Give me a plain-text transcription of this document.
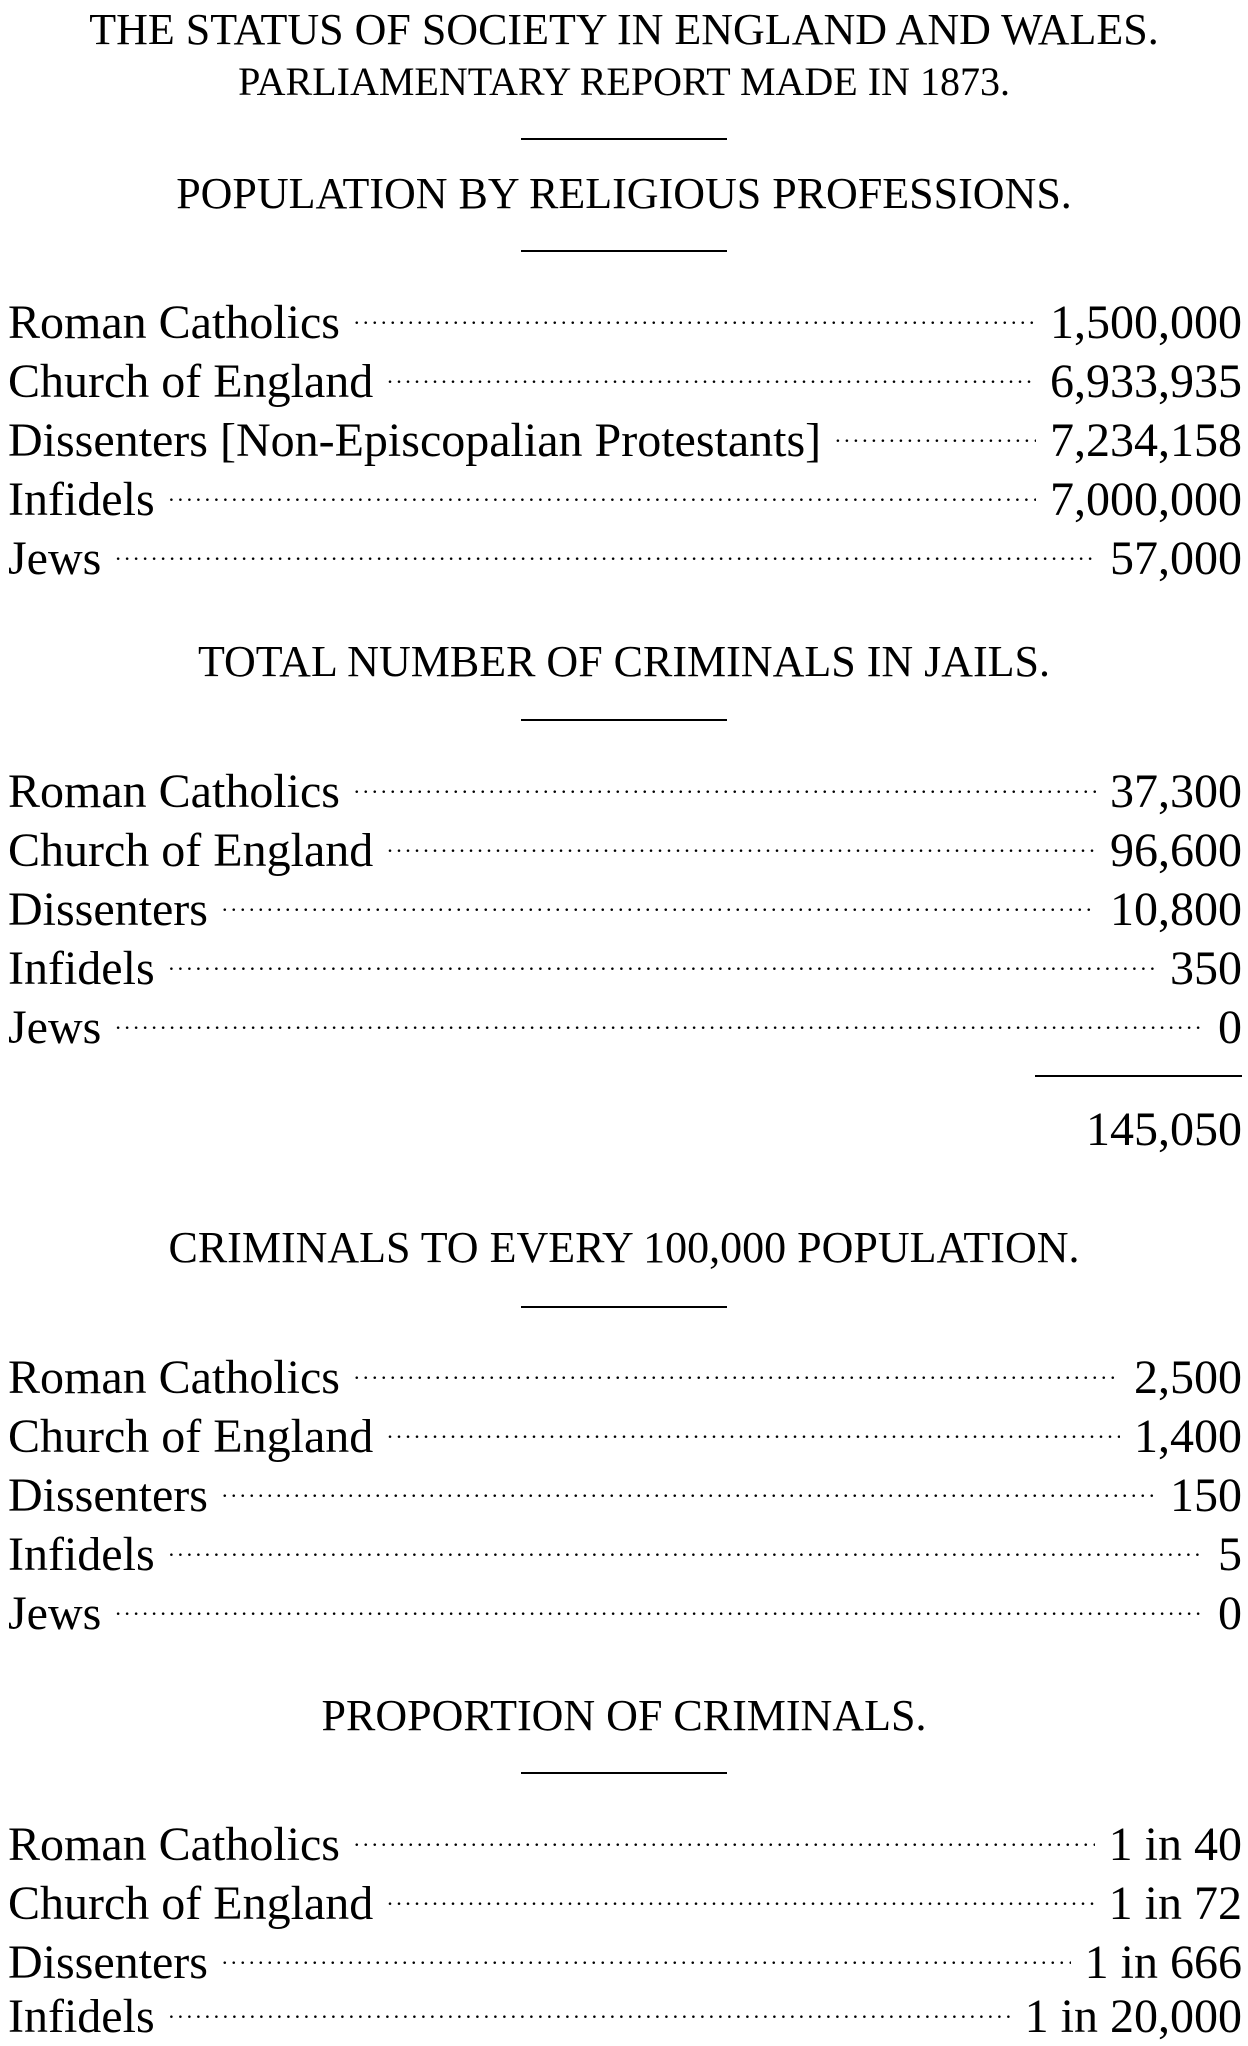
THE STATUS OF SOCIETY IN ENGLAND AND WALES.
PARLIAMENTARY REPORT MADE IN 1873.
POPULATION BY RELIGIOUS PROFESSIONS.
Roman Catholics . . .	1,500,000
Church of England . . .	6,933,935
Dissenters [Non-Episcopalian Protestants] . . .	7,234,158
Infidels . . .	7,000,000
Jews . . .	57,000
TOTAL NUMBER OF CRIMINALS IN JAILS.
Roman Catholics . . .	37,300
Church of England . . .	96,600
Dissenters . . .	10,800
Infidels . . .	350
Jews . . .	0
145,050
CRIMINALS TO EVERY 100,000 POPULATION.
Roman Catholics . . .	2,500
Church of England . . .	1,400
Dissenters . . .	150
Infidels . . .	5
Jews . . .	0
PROPORTION OF CRIMINALS.
Roman Catholics . . .	1 in 40
Church of England . . .	1 in 72
Dissenters . . .	1 in 666
Infidels . . .	1 in 20,000
